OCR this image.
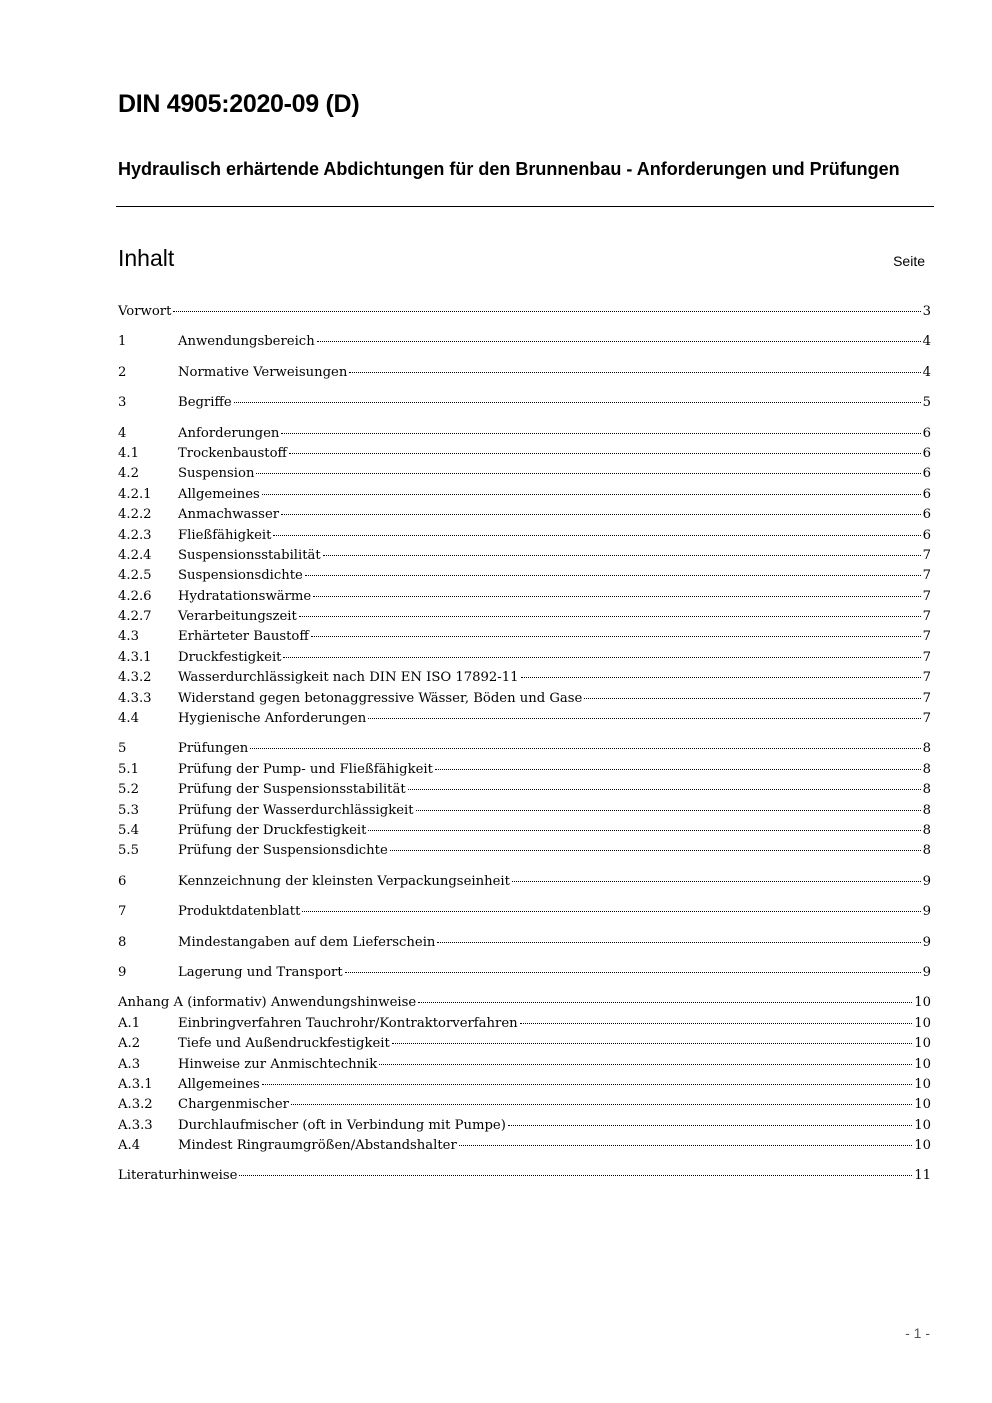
DIN 4905:2020-09 (D)
Hydraulisch erhärtende Abdichtungen für den Brunnenbau - Anforderungen und Prüfungen
Inhalt	Seite
Vorwort	3
1	Anwendungsbereich	4
2	Normative Verweisungen	4
3	Begriffe	5
4	Anforderungen	6
4.1	Trockenbaustoff	6
4.2	Suspension	6
4.2.1	Allgemeines	6
4.2.2	Anmachwasser	6
4.2.3	Fließfähigkeit	6
4.2.4	Suspensionsstabilität	7
4.2.5	Suspensionsdichte	7
4.2.6	Hydratationswärme	7
4.2.7	Verarbeitungszeit	7
4.3	Erhärteter Baustoff	7
4.3.1	Druckfestigkeit	7
4.3.2	Wasserdurchlässigkeit nach DIN EN ISO 17892-11	7
4.3.3	Widerstand gegen betonaggressive Wässer, Böden und Gase	7
4.4	Hygienische Anforderungen	7
5	Prüfungen	8
5.1	Prüfung der Pump- und Fließfähigkeit	8
5.2	Prüfung der Suspensionsstabilität	8
5.3	Prüfung der Wasserdurchlässigkeit	8
5.4	Prüfung der Druckfestigkeit	8
5.5	Prüfung der Suspensionsdichte	8
6	Kennzeichnung der kleinsten Verpackungseinheit	9
7	Produktdatenblatt	9
8	Mindestangaben auf dem Lieferschein	9
9	Lagerung und Transport	9
Anhang A (informativ) Anwendungshinweise	10
A.1	Einbringverfahren Tauchrohr/Kontraktorverfahren	10
A.2	Tiefe und Außendruckfestigkeit	10
A.3	Hinweise zur Anmischtechnik	10
A.3.1	Allgemeines	10
A.3.2	Chargenmischer	10
A.3.3	Durchlaufmischer (oft in Verbindung mit Pumpe)	10
A.4	Mindest Ringraumgrößen/Abstandshalter	10
Literaturhinweise	11
- 1 -
